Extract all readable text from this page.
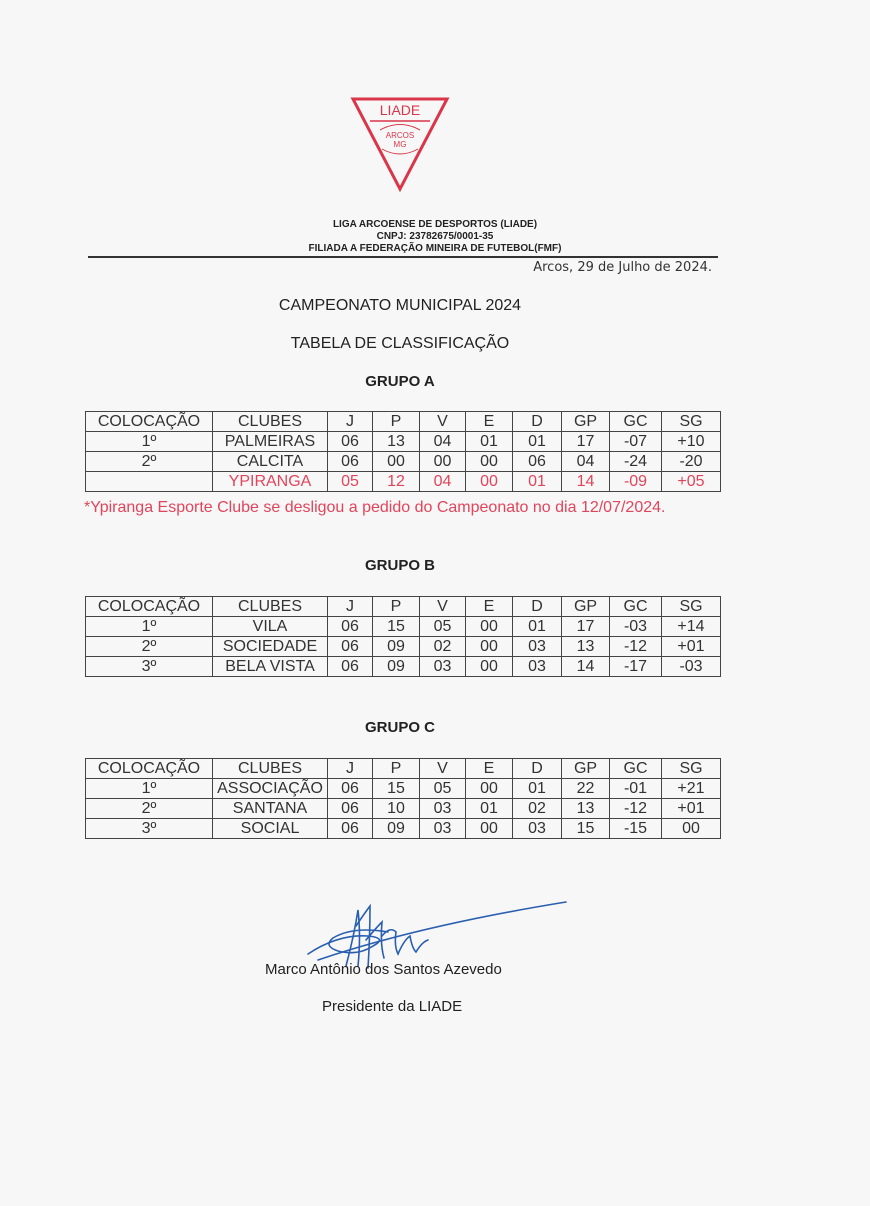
LIADE
ARCOS
MG
LIGA ARCOENSE DE DESPORTOS (LIADE)
CNPJ: 23782675/0001-35
FILIADA A FEDERAÇÃO MINEIRA DE FUTEBOL(FMF)
Arcos, 29 de Julho de 2024.
CAMPEONATO MUNICIPAL 2024
TABELA DE CLASSIFICAÇÃO
GRUPO A
COLOCAÇÃO	CLUBES	J	P	V	E	D	GP	GC	SG
1º	PALMEIRAS	06	13	04	01	01	17	-07	+10
2º	CALCITA	06	00	00	00	06	04	-24	-20
	YPIRANGA	05	12	04	00	01	14	-09	+05
*Ypiranga Esporte Clube se desligou a pedido do Campeonato no dia 12/07/2024.
GRUPO B
COLOCAÇÃO	CLUBES	J	P	V	E	D	GP	GC	SG
1º	VILA	06	15	05	00	01	17	-03	+14
2º	SOCIEDADE	06	09	02	00	03	13	-12	+01
3º	BELA VISTA	06	09	03	00	03	14	-17	-03
GRUPO C
COLOCAÇÃO	CLUBES	J	P	V	E	D	GP	GC	SG
1º	ASSOCIAÇÃO	06	15	05	00	01	22	-01	+21
2º	SANTANA	06	10	03	01	02	13	-12	+01
3º	SOCIAL	06	09	03	00	03	15	-15	00
Marco Antônio dos Santos Azevedo
Presidente da LIADE
